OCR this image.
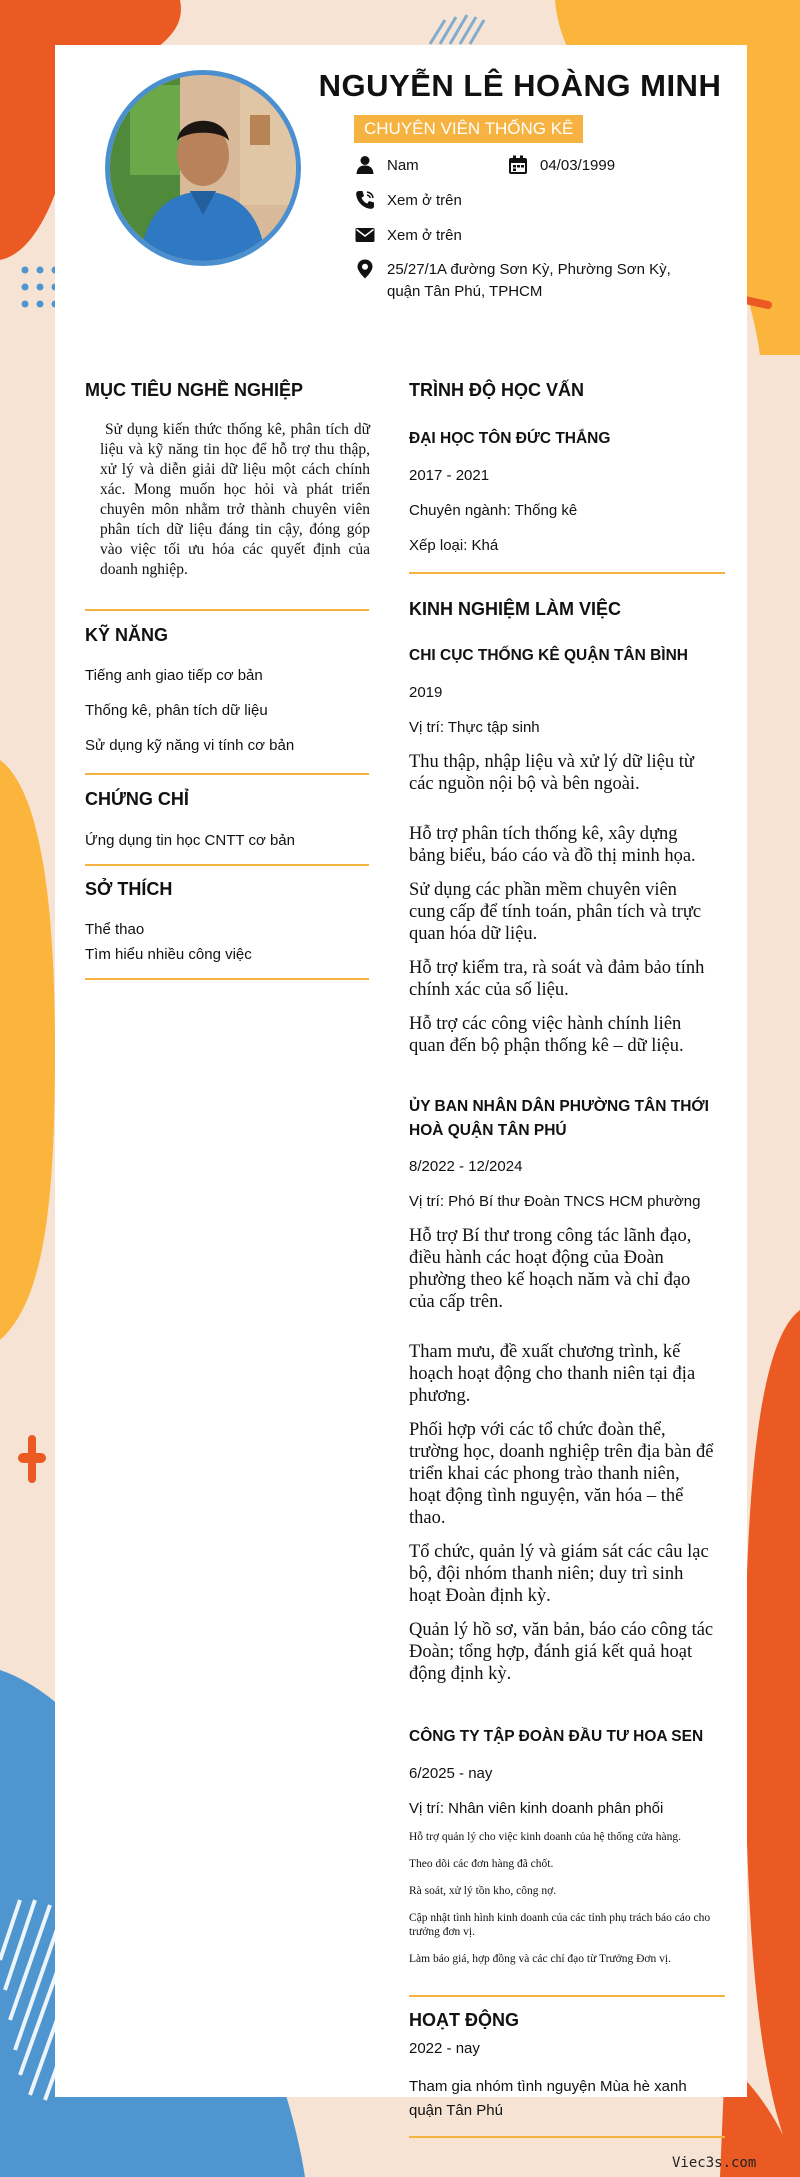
NGUYỄN LÊ HOÀNG MINH
CHUYÊN VIÊN THỐNG KÊ
Nam	04/03/1999
Xem ở trên
Xem ở trên
25/27/1A đường Sơn Kỳ, Phường Sơn Kỳ, quận Tân Phú, TPHCM
MỤC TIÊU NGHỀ NGHIỆP
Sử dụng kiến thức thống kê, phân tích dữ liệu và kỹ năng tin học để hỗ trợ thu thập, xử lý và diễn giải dữ liệu một cách chính xác. Mong muốn học hỏi và phát triển chuyên môn nhằm trở thành chuyên viên phân tích dữ liệu đáng tin cậy, đóng góp vào việc tối ưu hóa các quyết định của doanh nghiệp.
KỸ NĂNG
Tiếng anh giao tiếp cơ bản
Thống kê, phân tích dữ liệu
Sử dụng kỹ năng vi tính cơ bản
CHỨNG CHỈ
Ứng dụng tin học CNTT cơ bản
SỞ THÍCH
Thể thao
Tìm hiểu nhiều công việc
TRÌNH ĐỘ HỌC VẤN
ĐẠI HỌC TÔN ĐỨC THẮNG
2017 - 2021
Chuyên ngành: Thống kê
Xếp loại: Khá
KINH NGHIỆM LÀM VIỆC
CHI CỤC THỐNG KÊ QUẬN TÂN BÌNH
2019
Vị trí: Thực tập sinh
Thu thập, nhập liệu và xử lý dữ liệu từ các nguồn nội bộ và bên ngoài.
Hỗ trợ phân tích thống kê, xây dựng bảng biểu, báo cáo và đồ thị minh họa.
Sử dụng các phần mềm chuyên viên cung cấp để tính toán, phân tích và trực quan hóa dữ liệu.
Hỗ trợ kiểm tra, rà soát và đảm bảo tính chính xác của số liệu.
Hỗ trợ các công việc hành chính liên quan đến bộ phận thống kê – dữ liệu.
ỦY BAN NHÂN DÂN PHƯỜNG TÂN THỚI HOÀ QUẬN TÂN PHÚ
8/2022 - 12/2024
Vị trí: Phó Bí thư Đoàn TNCS HCM phường
Hỗ trợ Bí thư trong công tác lãnh đạo, điều hành các hoạt động của Đoàn phường theo kế hoạch năm và chỉ đạo của cấp trên.
Tham mưu, đề xuất chương trình, kế hoạch hoạt động cho thanh niên tại địa phương.
Phối hợp với các tổ chức đoàn thể, trường học, doanh nghiệp trên địa bàn để triển khai các phong trào thanh niên, hoạt động tình nguyện, văn hóa – thể thao.
Tổ chức, quản lý và giám sát các câu lạc bộ, đội nhóm thanh niên; duy trì sinh hoạt Đoàn định kỳ.
Quản lý hồ sơ, văn bản, báo cáo công tác Đoàn; tổng hợp, đánh giá kết quả hoạt động định kỳ.
CÔNG TY TẬP ĐOÀN ĐẦU TƯ HOA SEN
6/2025 - nay
Vị trí: Nhân viên kinh doanh phân phối
Hỗ trợ quản lý cho việc kinh doanh của hệ thống cửa hàng.
Theo dõi các đơn hàng đã chốt.
Rà soát, xử lý tồn kho, công nợ.
Cập nhật tình hình kinh doanh của các tỉnh phụ trách báo cáo cho trưởng đơn vị.
Làm báo giá, hợp đồng và các chỉ đạo từ Trưởng Đơn vị.
HOẠT ĐỘNG
2022 - nay
Tham gia nhóm tình nguyện Mùa hè xanh quận Tân Phú
Viec3s.com
